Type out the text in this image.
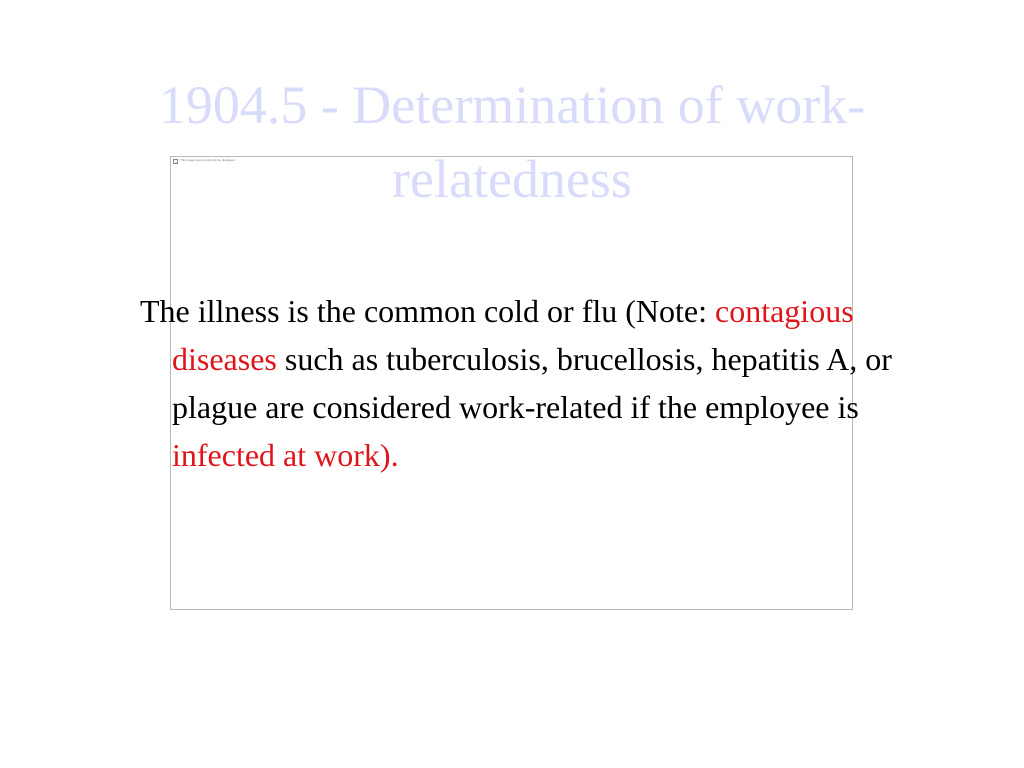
This image cannot currently be displayed.
1904.5 - Determination of work-relatedness

The illness is the common cold or flu (Note: contagious diseases such as tuberculosis, brucellosis, hepatitis A, or plague are considered work-related if the employee is infected at work).
